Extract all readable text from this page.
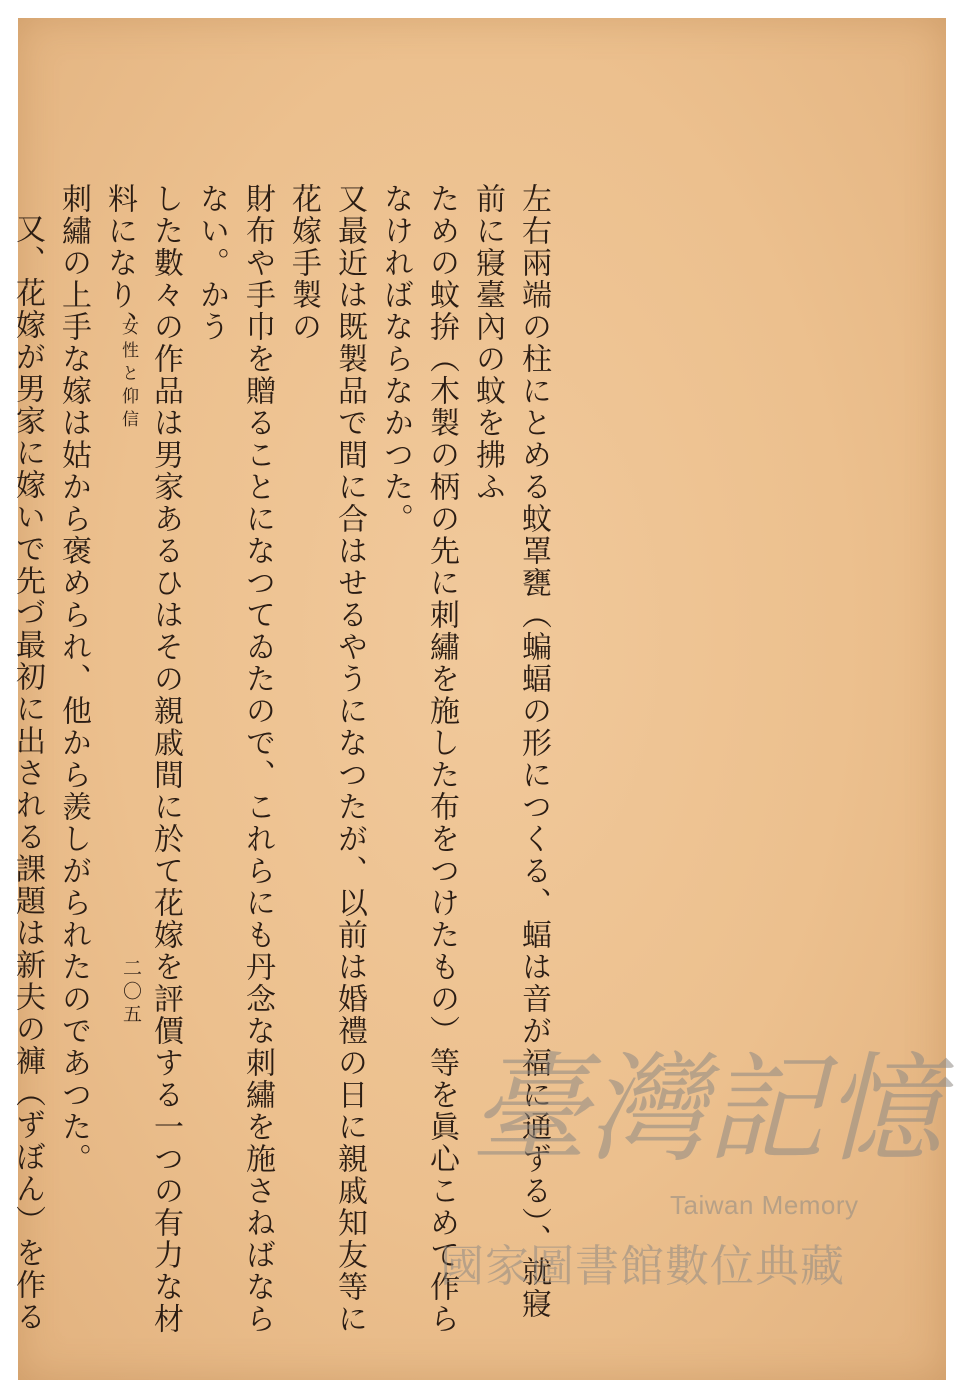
左右兩端の柱にとめる蚊罩甕（蝙蝠の形につくる、蝠は音が福に通ずる）、就寢前に寢臺內の蚊を拂ふ

ための蚊拚（木製の柄の先に刺繡を施した布をつけたもの）等を眞心こめて作らなければならなかつた。

又最近は既製品で間に合はせるやうになつたが、以前は婚禮の日に親戚知友等に花嫁手製の

財布や手巾を贈ることになつてゐたので、これらにも丹念な刺繡を施さねばならない。かう

した數々の作品は男家あるひはその親戚間に於て花嫁を評價する一つの有力な材料になり、

刺繡の上手な嫁は姑から褒められ、他から羨しがられたのであつた。

又、花嫁が男家に嫁いで先づ最初に出される課題は新夫の褲（ずぼん）を作る

女性と仰信
二〇五
臺灣記憶
Taiwan Memory
國家圖書館數位典藏
